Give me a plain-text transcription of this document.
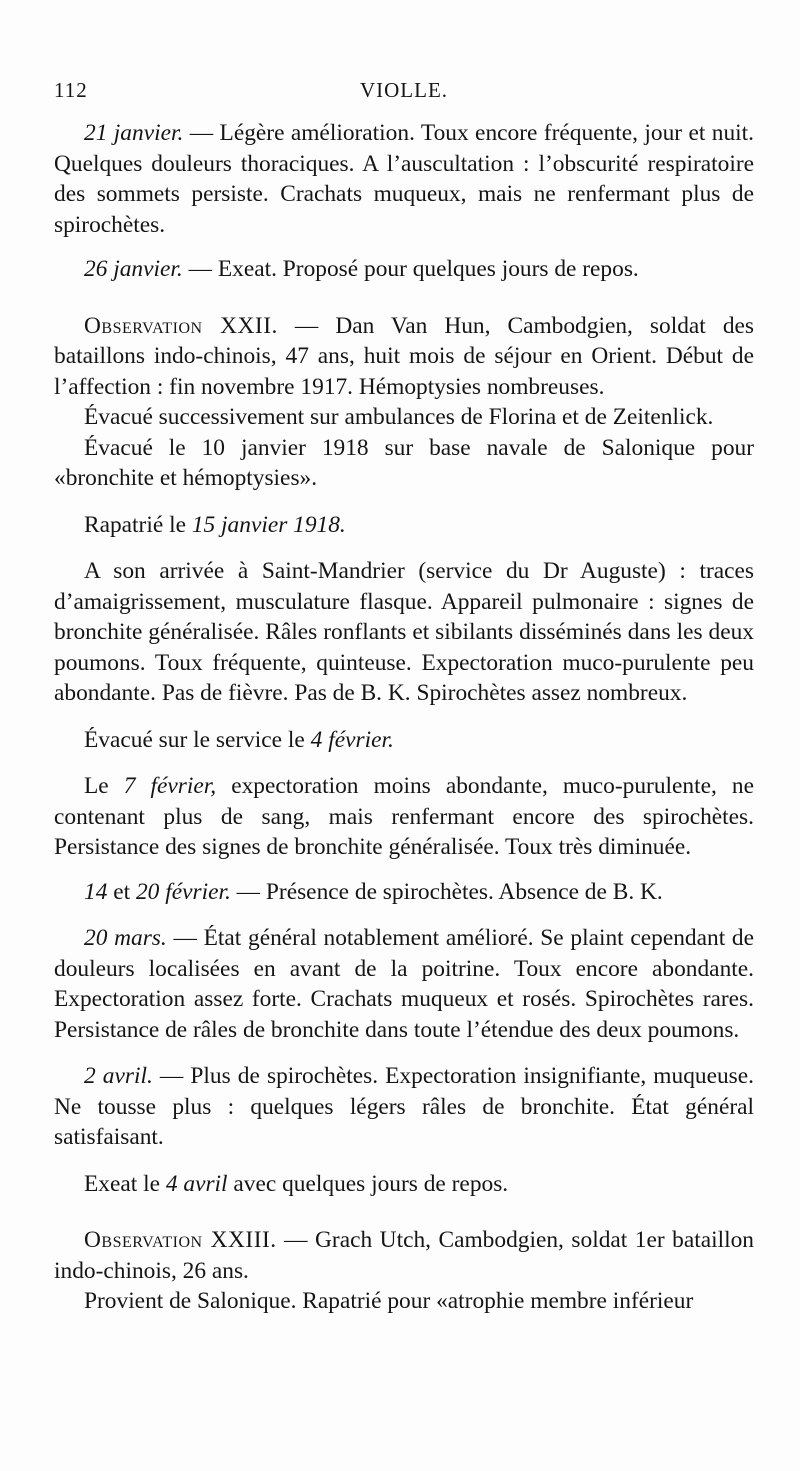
112	VIOLLE.

21 janvier. — Légère amélioration. Toux encore fréquente, jour et nuit. Quelques douleurs thoraciques. A l’auscultation : l’obscurité respiratoire des sommets persiste. Crachats muqueux, mais ne renfermant plus de spirochètes.

26 janvier. — Exeat. Proposé pour quelques jours de repos.

Observation XXII. — Dan Van Hun, Cambodgien, soldat des bataillons indo-chinois, 47 ans, huit mois de séjour en Orient. Début de l’affection : fin novembre 1917. Hémoptysies nombreuses.

Évacué successivement sur ambulances de Florina et de Zeitenlick.

Évacué le 10 janvier 1918 sur base navale de Salonique pour «bronchite et hémoptysies».

Rapatrié le 15 janvier 1918.

A son arrivée à Saint-Mandrier (service du Dr Auguste) : traces d’amaigrissement, musculature flasque. Appareil pulmonaire : signes de bronchite généralisée. Râles ronflants et sibilants disséminés dans les deux poumons. Toux fréquente, quinteuse. Expectoration muco-purulente peu abondante. Pas de fièvre. Pas de B. K. Spirochètes assez nombreux.

Évacué sur le service le 4 février.

Le 7 février, expectoration moins abondante, muco-purulente, ne contenant plus de sang, mais renfermant encore des spirochètes. Persistance des signes de bronchite généralisée. Toux très diminuée.

14 et 20 février. — Présence de spirochètes. Absence de B. K.

20 mars. — État général notablement amélioré. Se plaint cependant de douleurs localisées en avant de la poitrine. Toux encore abondante. Expectoration assez forte. Crachats muqueux et rosés. Spirochètes rares. Persistance de râles de bronchite dans toute l’étendue des deux poumons.

2 avril. — Plus de spirochètes. Expectoration insignifiante, muqueuse. Ne tousse plus : quelques légers râles de bronchite. État général satisfaisant.

Exeat le 4 avril avec quelques jours de repos.

Observation XXIII. — Grach Utch, Cambodgien, soldat 1er bataillon indo-chinois, 26 ans.

Provient de Salonique. Rapatrié pour «atrophie membre inférieur
